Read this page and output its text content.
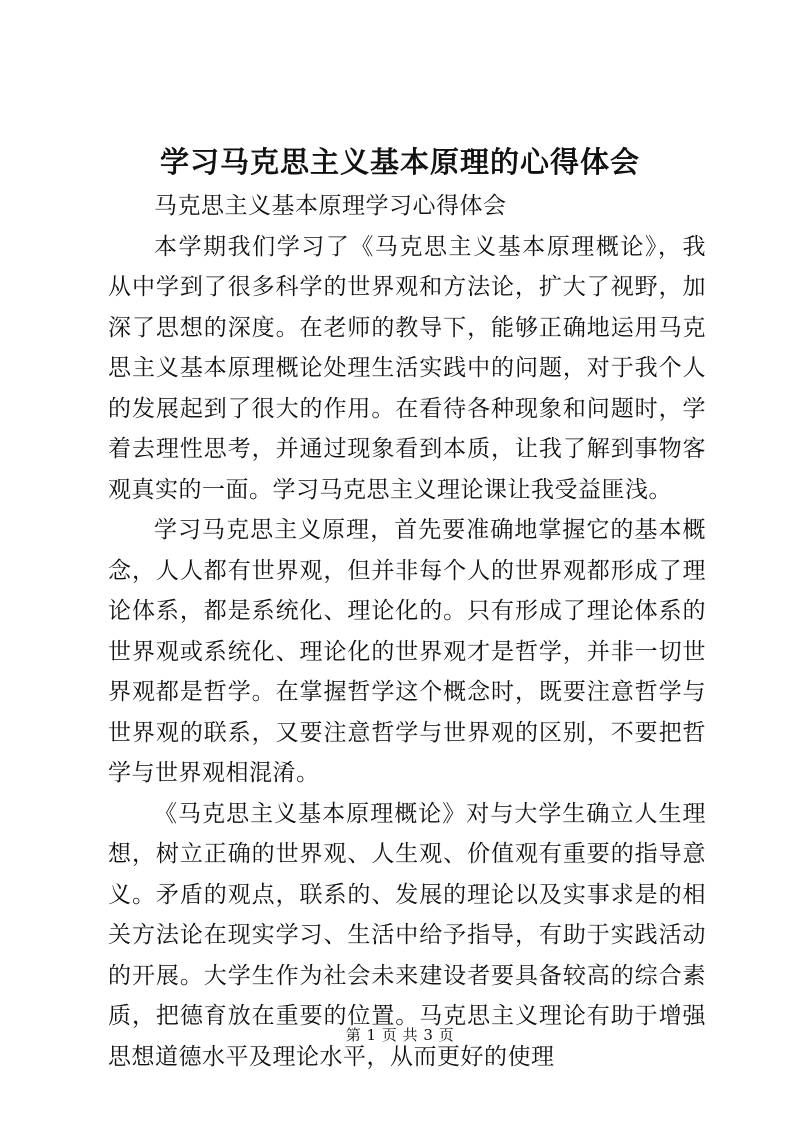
学习马克思主义基本原理的心得体会

马克思主义基本原理学习心得体会

本学期我们学习了《马克思主义基本原理概论》，我从中学到了很多科学的世界观和方法论，扩大了视野，加深了思想的深度。在老师的教导下，能够正确地运用马克思主义基本原理概论处理生活实践中的问题，对于我个人的发展起到了很大的作用。在看待各种现象和问题时，学着去理性思考，并通过现象看到本质，让我了解到事物客观真实的一面。学习马克思主义理论课让我受益匪浅。

学习马克思主义原理，首先要准确地掌握它的基本概念，人人都有世界观，但并非每个人的世界观都形成了理论体系，都是系统化、理论化的。只有形成了理论体系的世界观或系统化、理论化的世界观才是哲学，并非一切世界观都是哲学。在掌握哲学这个概念时，既要注意哲学与世界观的联系，又要注意哲学与世界观的区别，不要把哲学与世界观相混淆。

《马克思主义基本原理概论》对与大学生确立人生理想，树立正确的世界观、人生观、价值观有重要的指导意义。矛盾的观点，联系的、发展的理论以及实事求是的相关方法论在现实学习、生活中给予指导，有助于实践活动的开展。大学生作为社会未来建设者要具备较高的综合素质，把德育放在重要的位置。马克思主义理论有助于增强思想道德水平及理论水平，从而更好的使理

第 1 页 共 3 页
